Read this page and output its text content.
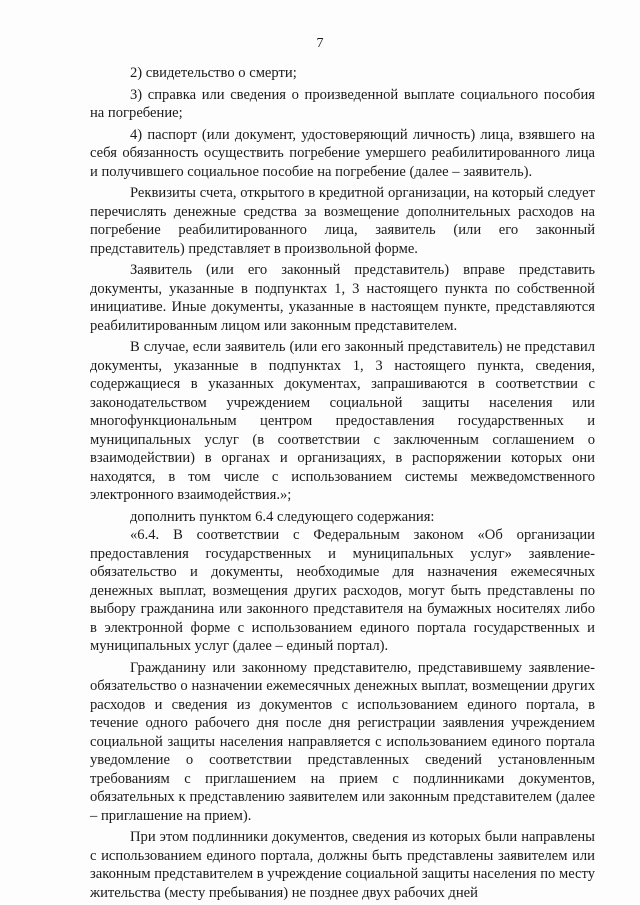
7

2) свидетельство о смерти;

3) справка или сведения о произведенной выплате социального пособия на погребение;

4) паспорт (или документ, удостоверяющий личность) лица, взявшего на себя обязанность осуществить погребение умершего реабилитированного лица и получившего социальное пособие на погребение (далее – заявитель).

Реквизиты счета, открытого в кредитной организации, на который следует перечислять денежные средства за возмещение дополнительных расходов на погребение реабилитированного лица, заявитель (или его законный представитель) представляет в произвольной форме.

Заявитель (или его законный представитель) вправе представить документы, указанные в подпунктах 1, 3 настоящего пункта по собственной инициативе. Иные документы, указанные в настоящем пункте, представляются реабилитированным лицом или законным представителем.

В случае, если заявитель (или его законный представитель) не представил документы, указанные в подпунктах 1, 3 настоящего пункта, сведения, содержащиеся в указанных документах, запрашиваются в соответствии с законодательством учреждением социальной защиты населения или многофункциональным центром предоставления государственных и муниципальных услуг (в соответствии с заключенным соглашением о взаимодействии) в органах и организациях, в распоряжении которых они находятся, в том числе с использованием системы межведомственного электронного взаимодействия.»;

дополнить пунктом 6.4 следующего содержания:

«6.4. В соответствии с Федеральным законом «Об организации предоставления государственных и муниципальных услуг» заявление-обязательство и документы, необходимые для назначения ежемесячных денежных выплат, возмещения других расходов, могут быть представлены по выбору гражданина или законного представителя на бумажных носителях либо в электронной форме с использованием единого портала государственных и муниципальных услуг (далее – единый портал).

Гражданину или законному представителю, представившему заявление-обязательство о назначении ежемесячных денежных выплат, возмещении других расходов и сведения из документов с использованием единого портала, в течение одного рабочего дня после дня регистрации заявления учреждением социальной защиты населения направляется с использованием единого портала уведомление о соответствии представленных сведений установленным требованиям с приглашением на прием с подлинниками документов, обязательных к представлению заявителем или законным представителем (далее – приглашение на прием).

При этом подлинники документов, сведения из которых были направлены с использованием единого портала, должны быть представлены заявителем или законным представителем в учреждение социальной защиты населения по месту жительства (месту пребывания) не позднее двух рабочих дней
